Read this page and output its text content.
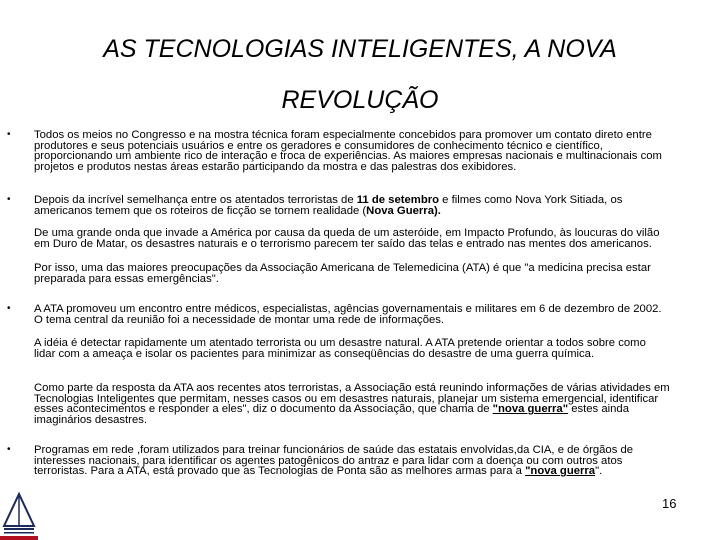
AS TECNOLOGIAS INTELIGENTES, A NOVA
REVOLUÇÃO
• Todos os meios no Congresso e na mostra técnica foram especialmente concebidos para promover um contato direto entre
produtores e seus potenciais usuários e entre os geradores e consumidores de conhecimento técnico e científico,
proporcionando um ambiente rico de interação e troca de experiências. As maiores empresas nacionais e multinacionais com
projetos e produtos nestas áreas estarão participando da mostra e das palestras dos exibidores.
• Depois da incrível semelhança entre os atentados terroristas de 11 de setembro e filmes como Nova York Sitiada, os
americanos temem que os roteiros de ficção se tornem realidade (Nova Guerra).
De uma grande onda que invade a América por causa da queda de um asteróide, em Impacto Profundo, às loucuras do vilão
em Duro de Matar, os desastres naturais e o terrorismo parecem ter saído das telas e entrado nas mentes dos americanos.
Por isso, uma das maiores preocupações da Associação Americana de Telemedicina (ATA) é que "a medicina precisa estar
preparada para essas emergências".
• A ATA promoveu um encontro entre médicos, especialistas, agências governamentais e militares em 6 de dezembro de 2002.
O tema central da reunião foi a necessidade de montar uma rede de informações.
A idéia é detectar rapidamente um atentado terrorista ou um desastre natural. A ATA pretende orientar a todos sobre como
lidar com a ameaça e isolar os pacientes para minimizar as conseqüências do desastre de uma guerra química.
Como parte da resposta da ATA aos recentes atos terroristas, a Associação está reunindo informações de várias atividades em
Tecnologias Inteligentes que permitam, nesses casos ou em desastres naturais, planejar um sistema emergencial, identificar
esses acontecimentos e responder a eles", diz o documento da Associação, que chama de "nova guerra" estes ainda
imaginários desastres.
• Programas em rede ,foram utilizados para treinar funcionários de saúde das estatais envolvidas,da CIA, e de órgãos de
interesses nacionais, para identificar os agentes patogênicos do antraz e para lidar com a doença ou com outros atos
terroristas. Para a ATA, está provado que as Tecnologias de Ponta são as melhores armas para a "nova guerra".
16
